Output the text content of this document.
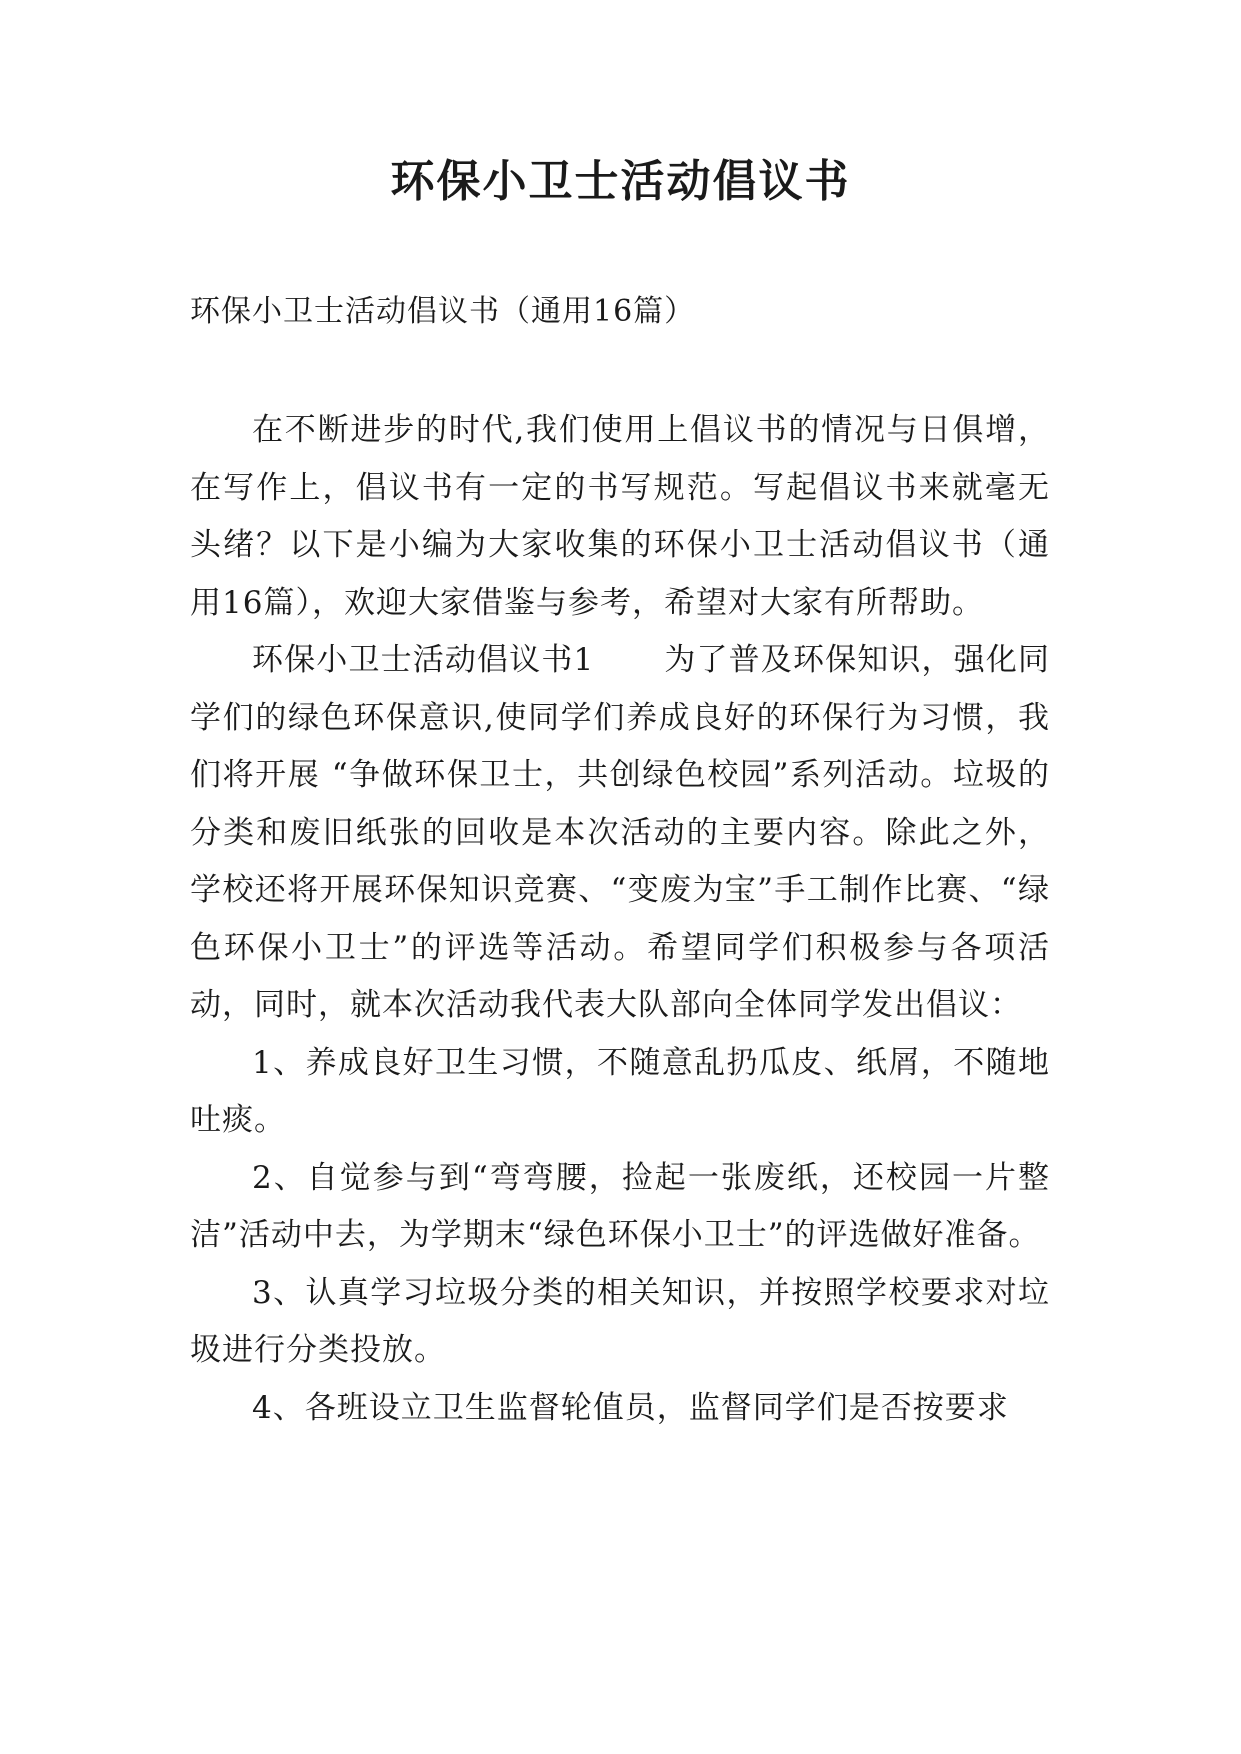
环保小卫士活动倡议书

环保小卫士活动倡议书（通用16篇）

在不断进步的时代,我们使用上倡议书的情况与日俱增，在写作上，倡议书有一定的书写规范。写起倡议书来就毫无头绪？以下是小编为大家收集的环保小卫士活动倡议书（通用16篇），欢迎大家借鉴与参考，希望对大家有所帮助。

环保小卫士活动倡议书1 为了普及环保知识，强化同学们的绿色环保意识,使同学们养成良好的环保行为习惯，我们将开展 “争做环保卫士，共创绿色校园”系列活动。垃圾的分类和废旧纸张的回收是本次活动的主要内容。除此之外，学校还将开展环保知识竞赛、“变废为宝”手工制作比赛、“绿色环保小卫士”的评选等活动。希望同学们积极参与各项活动，同时，就本次活动我代表大队部向全体同学发出倡议：

1、养成良好卫生习惯，不随意乱扔瓜皮、纸屑，不随地吐痰。

2、自觉参与到“弯弯腰，捡起一张废纸，还校园一片整洁”活动中去，为学期末“绿色环保小卫士”的评选做好准备。

3、认真学习垃圾分类的相关知识，并按照学校要求对垃圾进行分类投放。

4、各班设立卫生监督轮值员，监督同学们是否按要求
